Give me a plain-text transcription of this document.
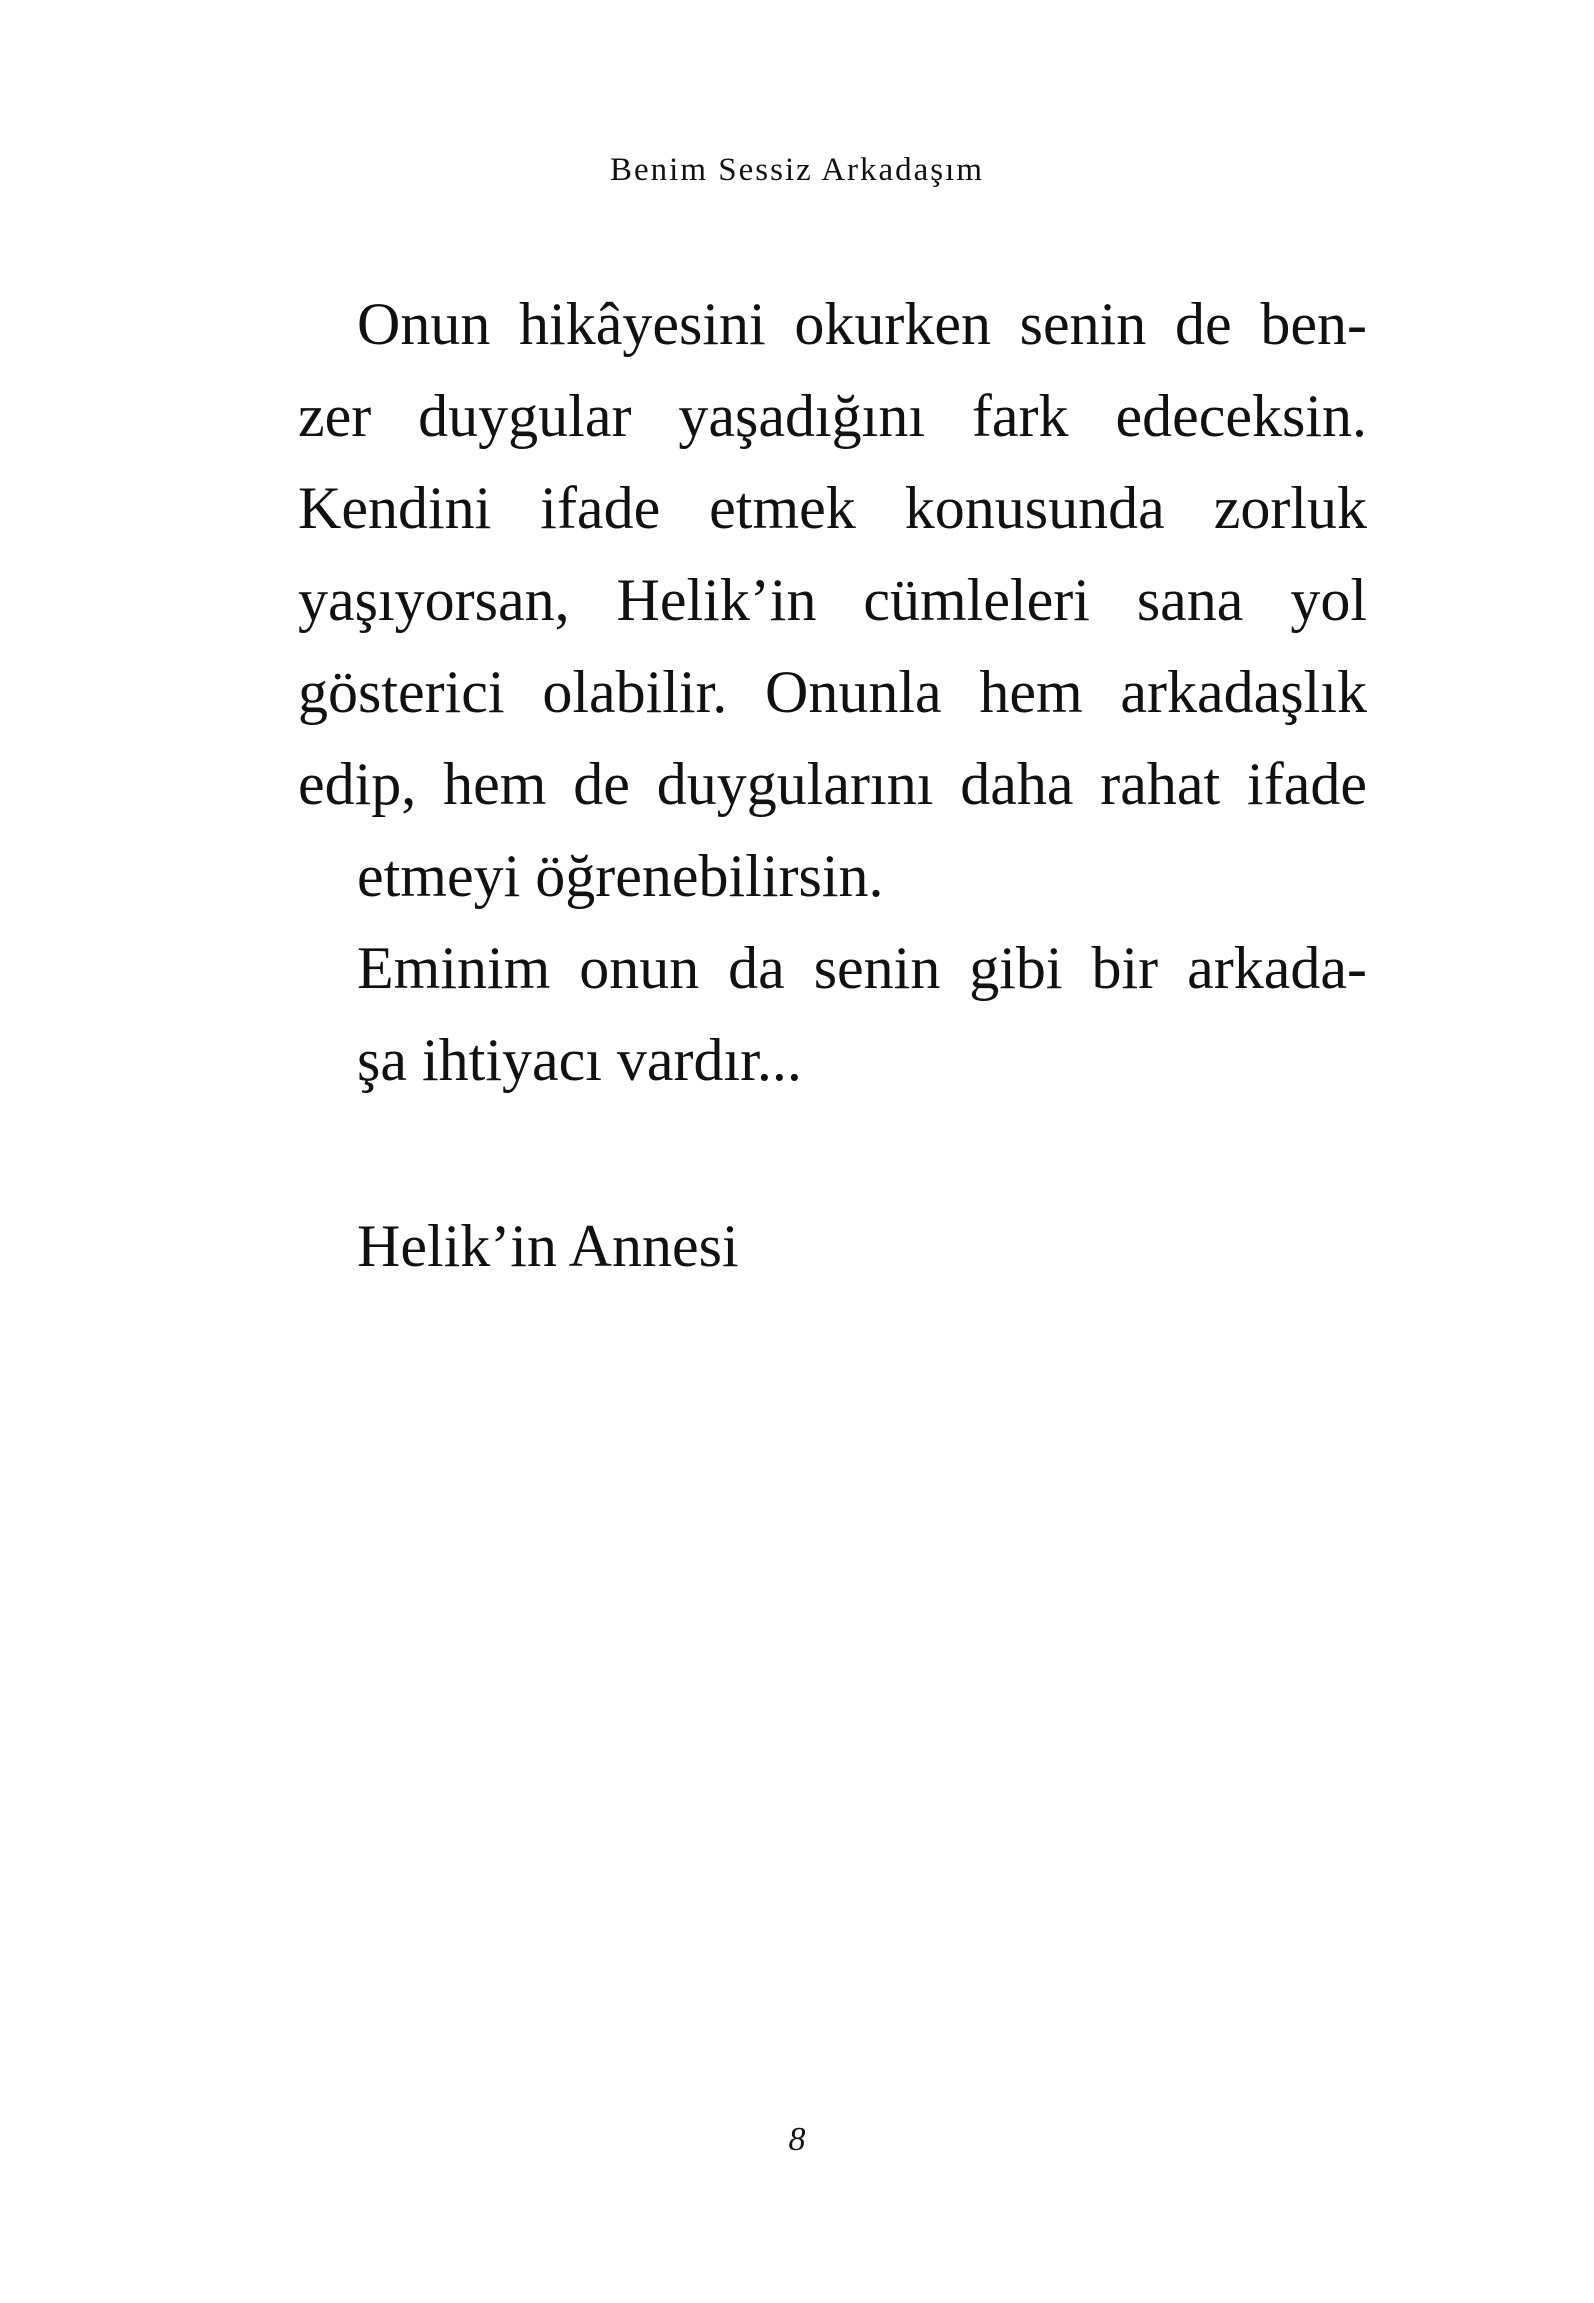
Benim Sessiz Arkadaşım
Onun hikâyesini okurken senin de ben-
zer duygular yaşadığını fark edeceksin.
Kendini ifade etmek konusunda zorluk
yaşıyorsan, Helik’in cümleleri sana yol
gösterici olabilir. Onunla hem arkadaşlık
edip, hem de duygularını daha rahat ifade
etmeyi öğrenebilirsin.
Eminim onun da senin gibi bir arkada-
şa ihtiyacı vardır...
Helik’in Annesi
8
